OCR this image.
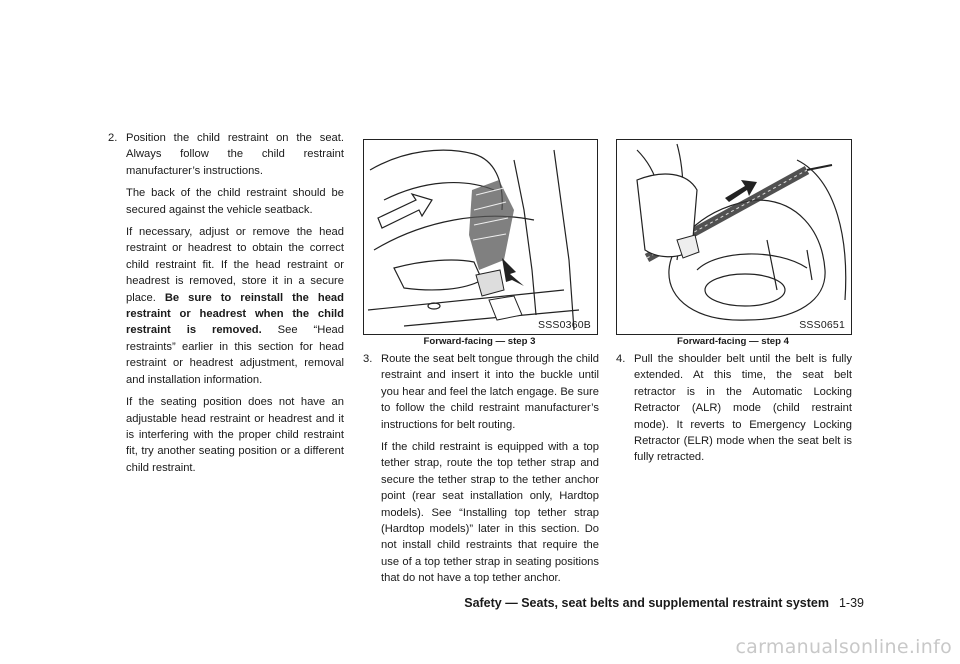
2. Position the child restraint on the seat. Always follow the child restraint manufacturer’s instructions.

The back of the child restraint should be secured against the vehicle seatback.

If necessary, adjust or remove the head restraint or headrest to obtain the correct child restraint fit. If the head restraint or headrest is removed, store it in a secure place. Be sure to reinstall the head restraint or headrest when the child restraint is removed. See “Head restraints” earlier in this section for head restraint or headrest adjustment, removal and installation information.

If the seating position does not have an adjustable head restraint or headrest and it is interfering with the proper child restraint fit, try another seating position or a different child restraint.

SSS0360B
Forward-facing — step 3

3. Route the seat belt tongue through the child restraint and insert it into the buckle until you hear and feel the latch engage. Be sure to follow the child restraint manufacturer’s instructions for belt routing.

If the child restraint is equipped with a top tether strap, route the top tether strap and secure the tether strap to the tether anchor point (rear seat installation only, Hardtop models). See “Installing top tether strap (Hardtop models)” later in this section. Do not install child restraints that require the use of a top tether strap in seating positions that do not have a top tether anchor.

SSS0651
Forward-facing — step 4

4. Pull the shoulder belt until the belt is fully extended. At this time, the seat belt retractor is in the Automatic Locking Retractor (ALR) mode (child restraint mode). It reverts to Emergency Locking Retractor (ELR) mode when the seat belt is fully retracted.

Safety — Seats, seat belts and supplemental restraint system 1-39
carmanualsonline.info
